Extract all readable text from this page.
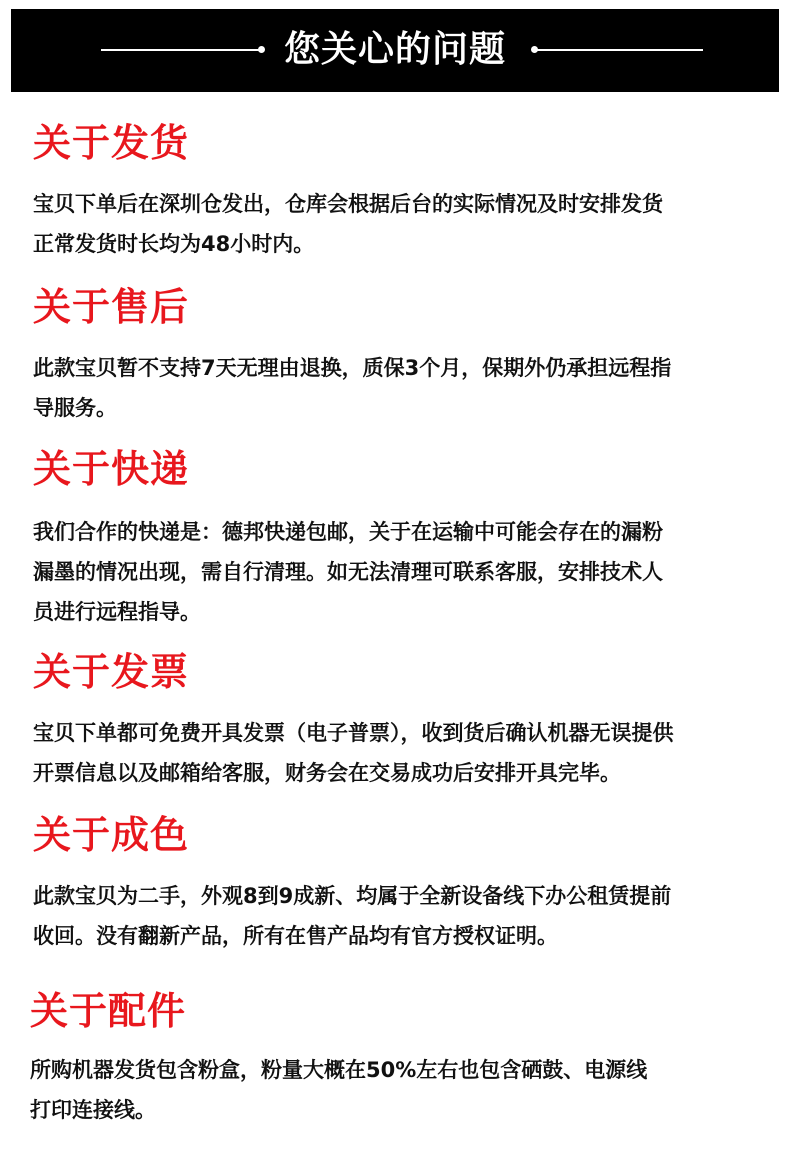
您关心的问题
关于发货

宝贝下单后在深圳仓发出，仓库会根据后台的实际情况及时安排发货
正常发货时长均为48小时内。

关于售后

此款宝贝暂不支持7天无理由退换，质保3个月，保期外仍承担远程指
导服务。

关于快递

我们合作的快递是：德邦快递包邮，关于在运输中可能会存在的漏粉
漏墨的情况出现，需自行清理。如无法清理可联系客服，安排技术人
员进行远程指导。

关于发票

宝贝下单都可免费开具发票（电子普票），收到货后确认机器无误提供
开票信息以及邮箱给客服，财务会在交易成功后安排开具完毕。

关于成色

此款宝贝为二手，外观8到9成新、均属于全新设备线下办公租赁提前
收回。没有翻新产品，所有在售产品均有官方授权证明。

关于配件

所购机器发货包含粉盒，粉量大概在50%左右也包含硒鼓、电源线
打印连接线。
